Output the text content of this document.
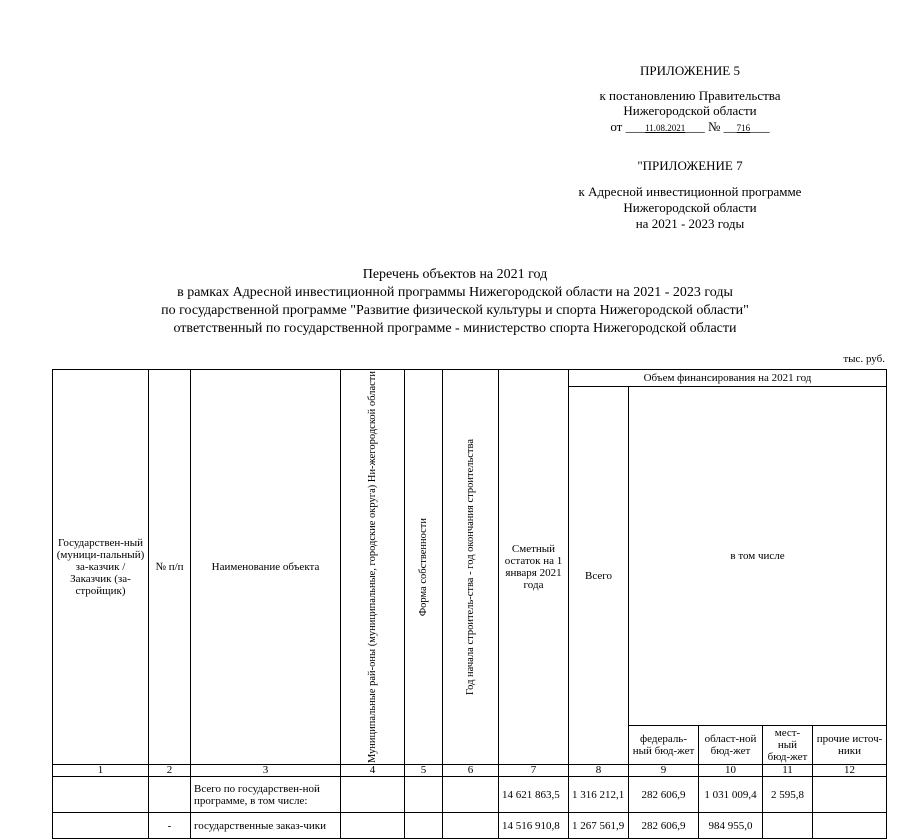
ПРИЛОЖЕНИЕ 5
к постановлению Правительства
Нижегородской области
от ___11.08.2021___ № __716___
"ПРИЛОЖЕНИЕ 7
к Адресной инвестиционной программе
Нижегородской области
на 2021 - 2023 годы
Перечень объектов на 2021 год
в рамках Адресной инвестиционной программы Нижегородской области на 2021 - 2023 годы
по государственной программе "Развитие физической культуры и спорта Нижегородской области"
ответственный по государственной программе - министерство спорта Нижегородской области
тыс. руб.
Государствен-ный (муници-пальный) за-казчик / Заказчик (за-стройщик)	№ п/п	Наименование объекта	Муниципальные рай-оны (муниципальные, городские округа) Ни-жегородской области	Форма собственности	Год начала строитель-ства - год окончания строительства	Сметный остаток на 1 января 2021 года	Объем финансирования на 2021 год				
							Всего	в том числе			
								федераль-ный бюд-жет	област-ной бюд-жет	мест-ный бюд-жет	прочие источ-ники
1	2	3	4	5	6	7	8	9	10	11	12
		Всего по государствен-ной программе, в том числе:				14 621 863,5	1 316 212,1	282 606,9	1 031 009,4	2 595,8	
	-	государственные заказ-чики				14 516 910,8	1 267 561,9	282 606,9	984 955,0		
